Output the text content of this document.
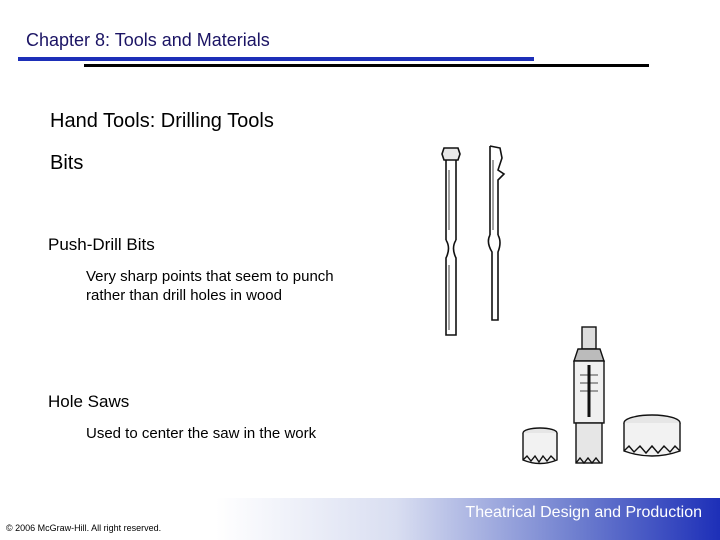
Chapter 8: Tools and Materials
Hand Tools: Drilling Tools
Bits
Push-Drill Bits
Very sharp points that seem to punch
rather than drill holes in wood
Hole Saws
Used to center the saw in the work
Theatrical Design and Production
© 2006 McGraw-Hill. All right reserved.
